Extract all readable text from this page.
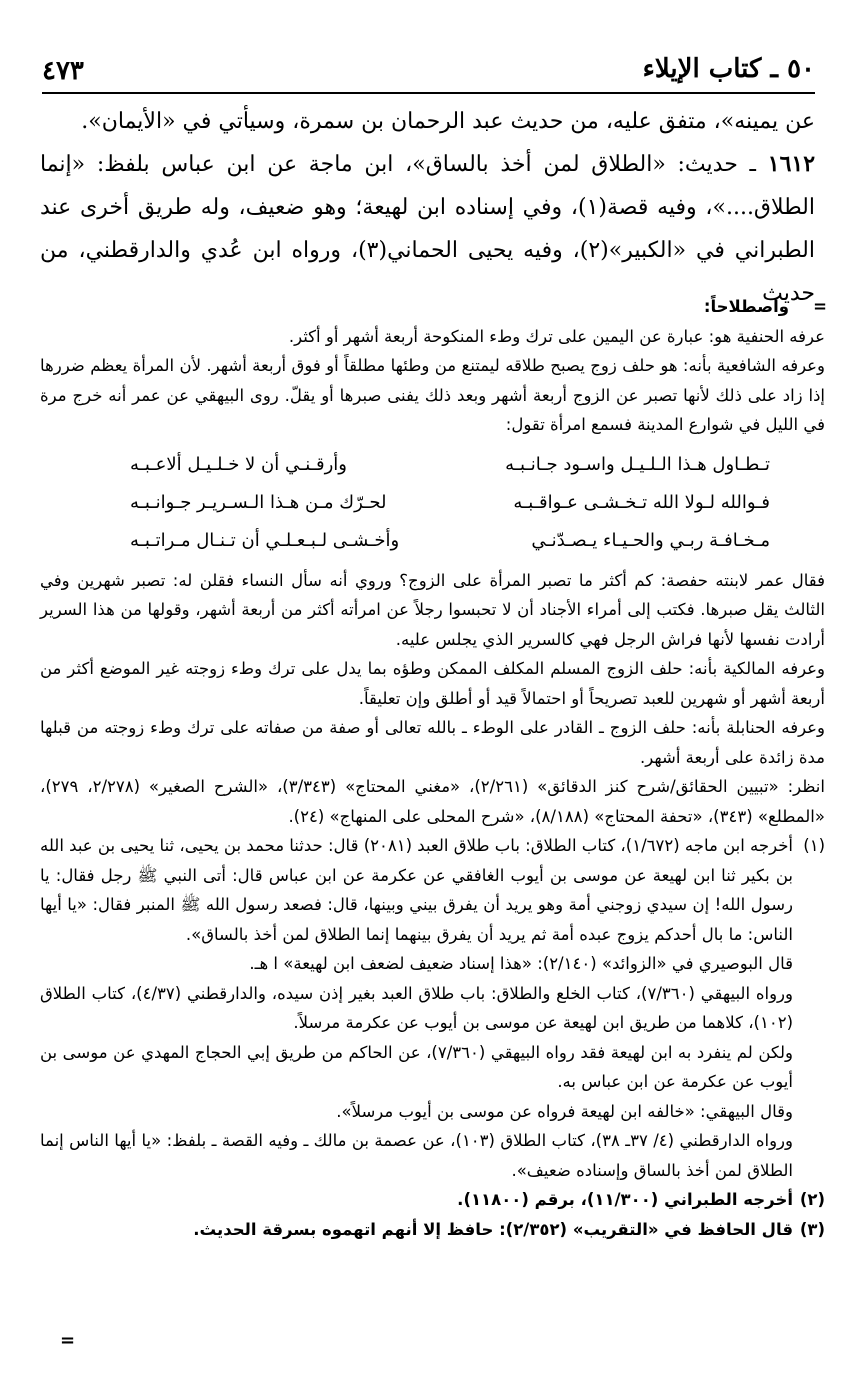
٥٠ ـ كتاب الإيلاء
٤٧٣

عن يمينه»، متفق عليه، من حديث عبد الرحمان بن سمرة، وسيأتي في «الأيمان».

١٦١٢ ـ حديث: «الطلاق لمن أخذ بالساق»، ابن ماجة عن ابن عباس بلفظ: «إنما الطلاق....»، وفيه قصة(١)، وفي إسناده ابن لهيعة؛ وهو ضعيف، وله طريق أخرى عند الطبراني في «الكبير»(٢)، وفيه يحيى الحماني(٣)، ورواه ابن عُدي والدارقطني، من حديث

=
واصطلاحاً:

عرفه الحنفية هو: عبارة عن اليمين على ترك وطء المنكوحة أربعة أشهر أو أكثر.

وعرفه الشافعية بأنه: هو حلف زوج يصبح طلاقه ليمتنع من وطئها مطلقاً أو فوق أربعة أشهر. لأن المرأة يعظم ضررها إذا زاد على ذلك لأنها تصبر عن الزوج أربعة أشهر وبعد ذلك يفنى صبرها أو يقلّ. روى البيهقي عن عمر أنه خرج مرة في الليل في شوارع المدينة فسمع امرأة تقول:

تـطـاول هـذا الـلـيـل واسـود جـانـبـه
وأرقـنـي أن لا خـلـيـل ألاعـبـه
فـوالله لـولا الله تـخـشـى عـواقـبـه
لحـرّك مـن هـذا الـسـريـر جـوانـبـه
مـخـافـة ربـي والحـيـاء يـصـدّنـي
وأخـشـى لـبـعـلـي أن تـنـال مـراتـبـه

فقال عمر لابنته حفصة: كم أكثر ما تصبر المرأة على الزوج؟ وروي أنه سأل النساء فقلن له: تصبر شهرين وفي الثالث يقل صبرها. فكتب إلى أمراء الأجناد أن لا تحبسوا رجلاً عن امرأته أكثر من أربعة أشهر، وقولها من هذا السرير أرادت نفسها لأنها فراش الرجل فهي كالسرير الذي يجلس عليه.

وعرفه المالكية بأنه: حلف الزوج المسلم المكلف الممكن وطؤه بما يدل على ترك وطء زوجته غير الموضع أكثر من أربعة أشهر أو شهرين للعبد تصريحاً أو احتمالاً قيد أو أطلق وإن تعليقاً.

وعرفه الحنابلة بأنه: حلف الزوج ـ القادر على الوطء ـ بالله تعالى أو صفة من صفاته على ترك وطء زوجته من قبلها مدة زائدة على أربعة أشهر.

انظر: «تبيين الحقائق/شرح كنز الدقائق» (٢/٢٦١)، «مغني المحتاج» (٣/٣٤٣)، «الشرح الصغير» (٢/٢٧٨، ٢٧٩)، «المطلع» (٣٤٣)، «تحفة المحتاج» (٨/١٨٨)، «شرح المحلى على المنهاج» (٢٤).

(١)
أخرجه ابن ماجه (١/٦٧٢)، كتاب الطلاق: باب طلاق العبد (٢٠٨١) قال: حدثنا محمد بن يحيى، ثنا يحيى بن عبد الله بن بكير ثنا ابن لهيعة عن موسى بن أيوب الغافقي عن عكرمة عن ابن عباس قال: أتى النبي ﷺ رجل فقال: يا رسول الله! إن سيدي زوجني أمة وهو يريد أن يفرق بيني وبينها، قال: فصعد رسول الله ﷺ المنبر فقال: «يا أيها الناس: ما بال أحدكم يزوج عبده أمة ثم يريد أن يفرق بينهما إنما الطلاق لمن أخذ بالساق».

قال البوصيري في «الزوائد» (٢/١٤٠): «هذا إسناد ضعيف لضعف ابن لهيعة» ا هـ.

ورواه البيهقي (٧/٣٦٠)، كتاب الخلع والطلاق: باب طلاق العبد بغير إذن سيده، والدارقطني (٤/٣٧)، كتاب الطلاق (١٠٢)، كلاهما من طريق ابن لهيعة عن موسى بن أيوب عن عكرمة مرسلاً.

ولكن لم ينفرد به ابن لهيعة فقد رواه البيهقي (٧/٣٦٠)، عن الحاكم من طريق إبي الحجاج المهدي عن موسى بن أيوب عن عكرمة عن ابن عباس به.

وقال البيهقي: «خالفه ابن لهيعة فرواه عن موسى بن أيوب مرسلاً».

ورواه الدارقطني (٤/ ٣٧ـ ٣٨)، كتاب الطلاق (١٠٣)، عن عصمة بن مالك ـ وفيه القصة ـ بلفظ: «يا أيها الناس إنما الطلاق لمن أخذ بالساق وإسناده ضعيف».

(٢)
أخرجه الطبراني (١١/٣٠٠)، برقم (١١٨٠٠).

(٣)
قال الحافظ في «التقريب» (٢/٣٥٢): حافظ إلا أنهم اتهموه بسرقة الحديث.

=
